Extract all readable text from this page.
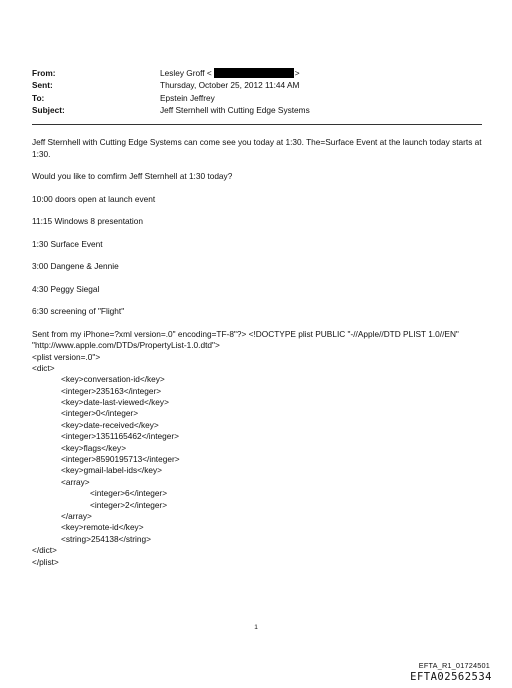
From:	Lesley Groff <	>
Sent:	Thursday, October 25, 2012 11:44 AM
To:	Epstein Jeffrey
Subject:	Jeff Sternhell with Cutting Edge Systems

Jeff Sternhell with Cutting Edge Systems can come see you today at 1:30. The=Surface Event at the launch today starts at 1:30.

Would you like to comfirm Jeff Sternhell at 1:30 today?

10:00 doors open at launch event

11:15 Windows 8 presentation

1:30 Surface Event

3:00 Dangene & Jennie

4:30 Peggy Siegal

6:30 screening of "Flight"

Sent from my iPhone=?xml version=.0" encoding=TF-8"?> <!DOCTYPE plist PUBLIC "-//Apple//DTD PLIST 1.0//EN" "http://www.apple.com/DTDs/PropertyList-1.0.dtd">

<plist version=.0">
<dict>
<key>conversation-id</key>
<integer>235163</integer>
<key>date-last-viewed</key>
<integer>0</integer>
<key>date-received</key>
<integer>1351165462</integer>
<key>flags</key>
<integer>8590195713</integer>
<key>gmail-label-ids</key>
<array>
<integer>6</integer>
<integer>2</integer>
</array>
<key>remote-id</key>
<string>254138</string>
</dict>
</plist>
1
EFTA_R1_01724501
EFTA02562534
